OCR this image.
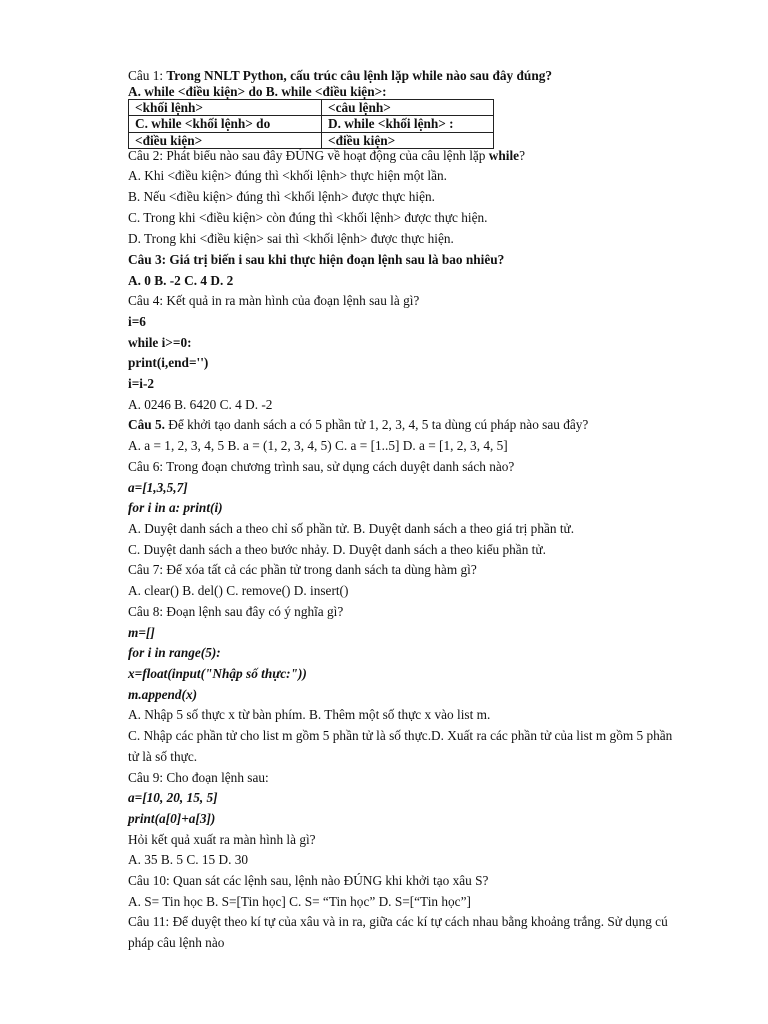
Câu 1: Trong NNLT Python, cấu trúc câu lệnh lặp while nào sau đây đúng?
A. while <điều kiện> do B. while <điều kiện>:
<khối lệnh>	<câu lệnh>
C. while <khối lệnh> do	D. while <khối lệnh> :
<điều kiện>	<điều kiện>
Câu 2: Phát biểu nào sau đây ĐÚNG về hoạt động của câu lệnh lặp while?
A. Khi <điều kiện> đúng thì <khối lệnh> thực hiện một lần.
B. Nếu <điều kiện> đúng thì <khối lệnh> được thực hiện.
C. Trong khi <điều kiện> còn đúng thì <khối lệnh> được thực hiện.
D. Trong khi <điều kiện> sai thì <khối lệnh> được thực hiện.
Câu 3: Giá trị biến i sau khi thực hiện đoạn lệnh sau là bao nhiêu?
A. 0 B. -2 C. 4 D. 2
Câu 4: Kết quả in ra màn hình của đoạn lệnh sau là gì?
i=6
while i>=0:
print(i,end='')
i=i-2
A. 0246 B. 6420 C. 4 D. -2
Câu 5. Để khởi tạo danh sách a có 5 phần tử 1, 2, 3, 4, 5 ta dùng cú pháp nào sau đây?
A. a = 1, 2, 3, 4, 5 B. a = (1, 2, 3, 4, 5) C. a = [1..5] D. a = [1, 2, 3, 4, 5]
Câu 6: Trong đoạn chương trình sau, sử dụng cách duyệt danh sách nào?
a=[1,3,5,7]
for i in a: print(i)
A. Duyệt danh sách a theo chỉ số phần tử. B. Duyệt danh sách a theo giá trị phần tử.
C. Duyệt danh sách a theo bước nhảy. D. Duyệt danh sách a theo kiểu phần tử.
Câu 7: Để xóa tất cả các phần tử trong danh sách ta dùng hàm gì?
A. clear() B. del() C. remove() D. insert()
Câu 8: Đoạn lệnh sau đây có ý nghĩa gì?
m=[]
for i in range(5):
x=float(input("Nhập số thực:"))
m.append(x)
A. Nhập 5 số thực x từ bàn phím. B. Thêm một số thực x vào list m.
C. Nhập các phần tử cho list m gồm 5 phần tử là số thực.D. Xuất ra các phần tử của list m gồm 5 phần
tử là số thực.
Câu 9: Cho đoạn lệnh sau:
a=[10, 20, 15, 5]
print(a[0]+a[3])
Hỏi kết quả xuất ra màn hình là gì?
A. 35 B. 5 C. 15 D. 30
Câu 10: Quan sát các lệnh sau, lệnh nào ĐÚNG khi khởi tạo xâu S?
A. S= Tin học B. S=[Tin học] C. S= “Tin học” D. S=[“Tin học”]
Câu 11: Để duyệt theo kí tự của xâu và in ra, giữa các kí tự cách nhau bằng khoảng trắng. Sử dụng cú
pháp câu lệnh nào
